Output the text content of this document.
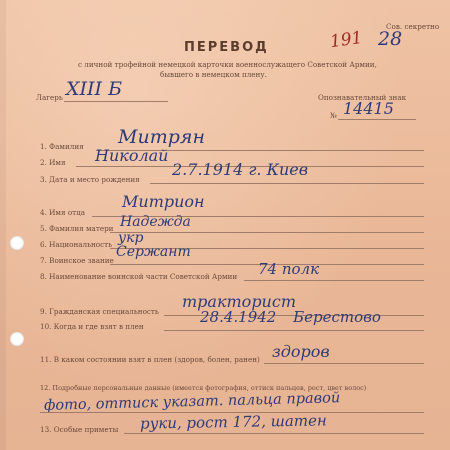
Сов. секретно
ПЕРЕВОД	191 28
с личной трофейной немецкой карточки военнослужащего Советской Армии,
бывшего в немецком плену.
Лагерь XIII Б	Опознавательный знак
№ 14415
1. Фамилия Митрян
2. Имя Николай
3. Дата и место рождения
2.7.1914 г. Киев
4. Имя отца
Митрион
5. Фамилия матери Надежда
6. Национальность укр
7. Воинское звание
Сержант
8. Наименование воинской части Советской Армии 74 полк
9. Гражданская специальность
тракторист
10. Когда и где взят в плен
28.4.1942 Берестово
11. В каком состоянии взят в плен (здоров, болен, ранен) здоров
12. Подробные персональные данные (имеется фотография, оттиск пальцев, рост, цвет волос)
фото, оттиск указат. пальца правой
13. Особые приметы руки, рост 172, шатен
